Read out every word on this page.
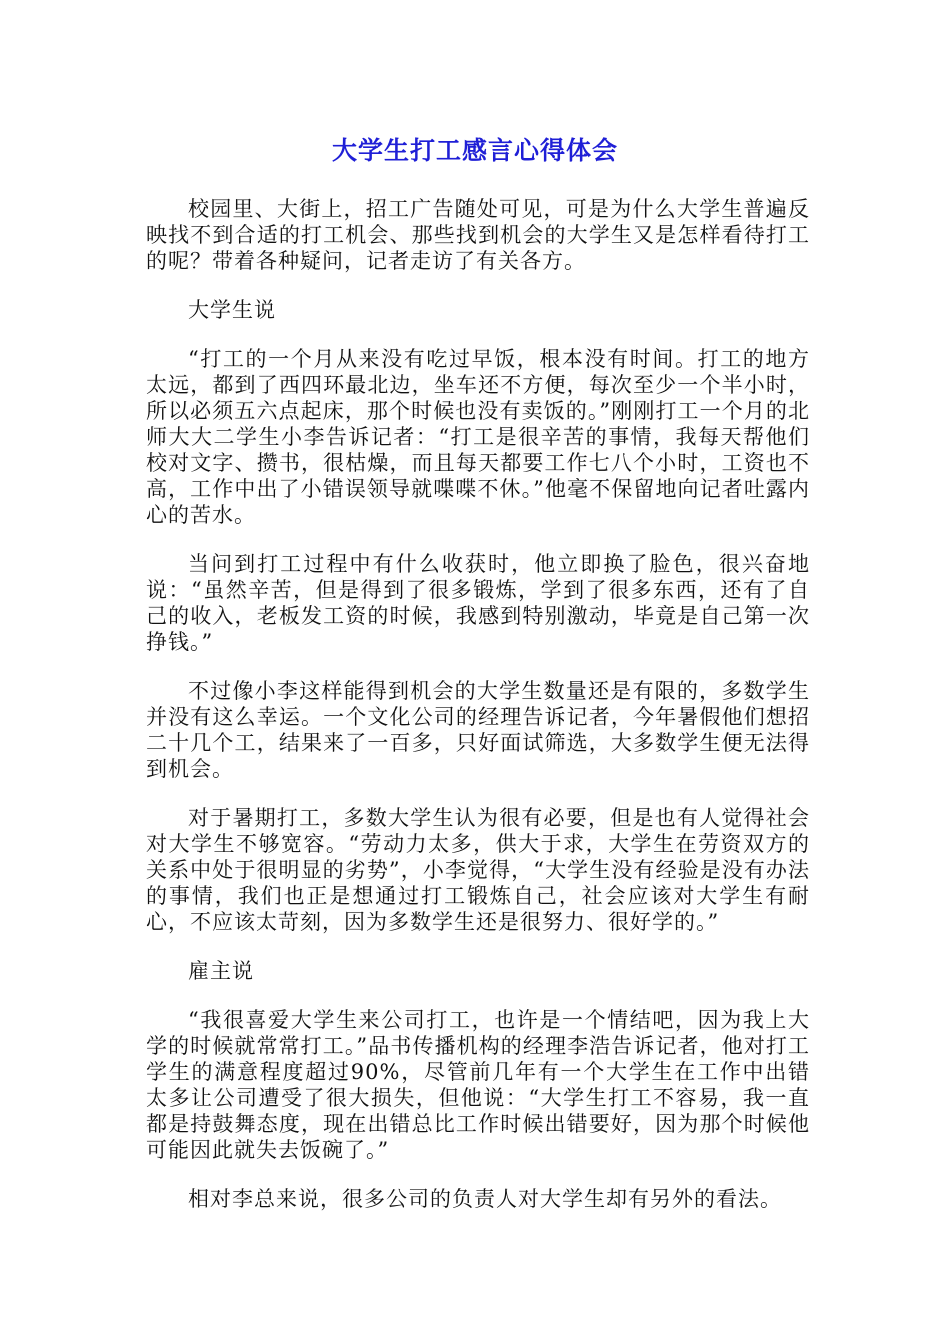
大学生打工感言心得体会

校园里、大街上，招工广告随处可见，可是为什么大学生普遍反映找不到合适的打工机会、那些找到机会的大学生又是怎样看待打工的呢？带着各种疑问，记者走访了有关各方。

大学生说

“打工的一个月从来没有吃过早饭，根本没有时间。打工的地方太远，都到了西四环最北边，坐车还不方便，每次至少一个半小时，所以必须五六点起床，那个时候也没有卖饭的。”刚刚打工一个月的北师大大二学生小李告诉记者：“打工是很辛苦的事情，我每天帮他们校对文字、攒书，很枯燥，而且每天都要工作七八个小时，工资也不高，工作中出了小错误领导就喋喋不休。”他毫不保留地向记者吐露内心的苦水。

当问到打工过程中有什么收获时，他立即换了脸色，很兴奋地说：“虽然辛苦，但是得到了很多锻炼，学到了很多东西，还有了自己的收入，老板发工资的时候，我感到特别激动，毕竟是自己第一次挣钱。”

不过像小李这样能得到机会的大学生数量还是有限的，多数学生并没有这么幸运。一个文化公司的经理告诉记者，今年暑假他们想招二十几个工，结果来了一百多，只好面试筛选，大多数学生便无法得到机会。

对于暑期打工，多数大学生认为很有必要，但是也有人觉得社会对大学生不够宽容。“劳动力太多，供大于求，大学生在劳资双方的关系中处于很明显的劣势”，小李觉得，“大学生没有经验是没有办法的事情，我们也正是想通过打工锻炼自己，社会应该对大学生有耐心，不应该太苛刻，因为多数学生还是很努力、很好学的。”

雇主说

“我很喜爱大学生来公司打工，也许是一个情结吧，因为我上大学的时候就常常打工。”品书传播机构的经理李浩告诉记者，他对打工学生的满意程度超过90%，尽管前几年有一个大学生在工作中出错太多让公司遭受了很大损失，但他说：“大学生打工不容易，我一直都是持鼓舞态度，现在出错总比工作时候出错要好，因为那个时候他可能因此就失去饭碗了。”

相对李总来说，很多公司的负责人对大学生却有另外的看法。
